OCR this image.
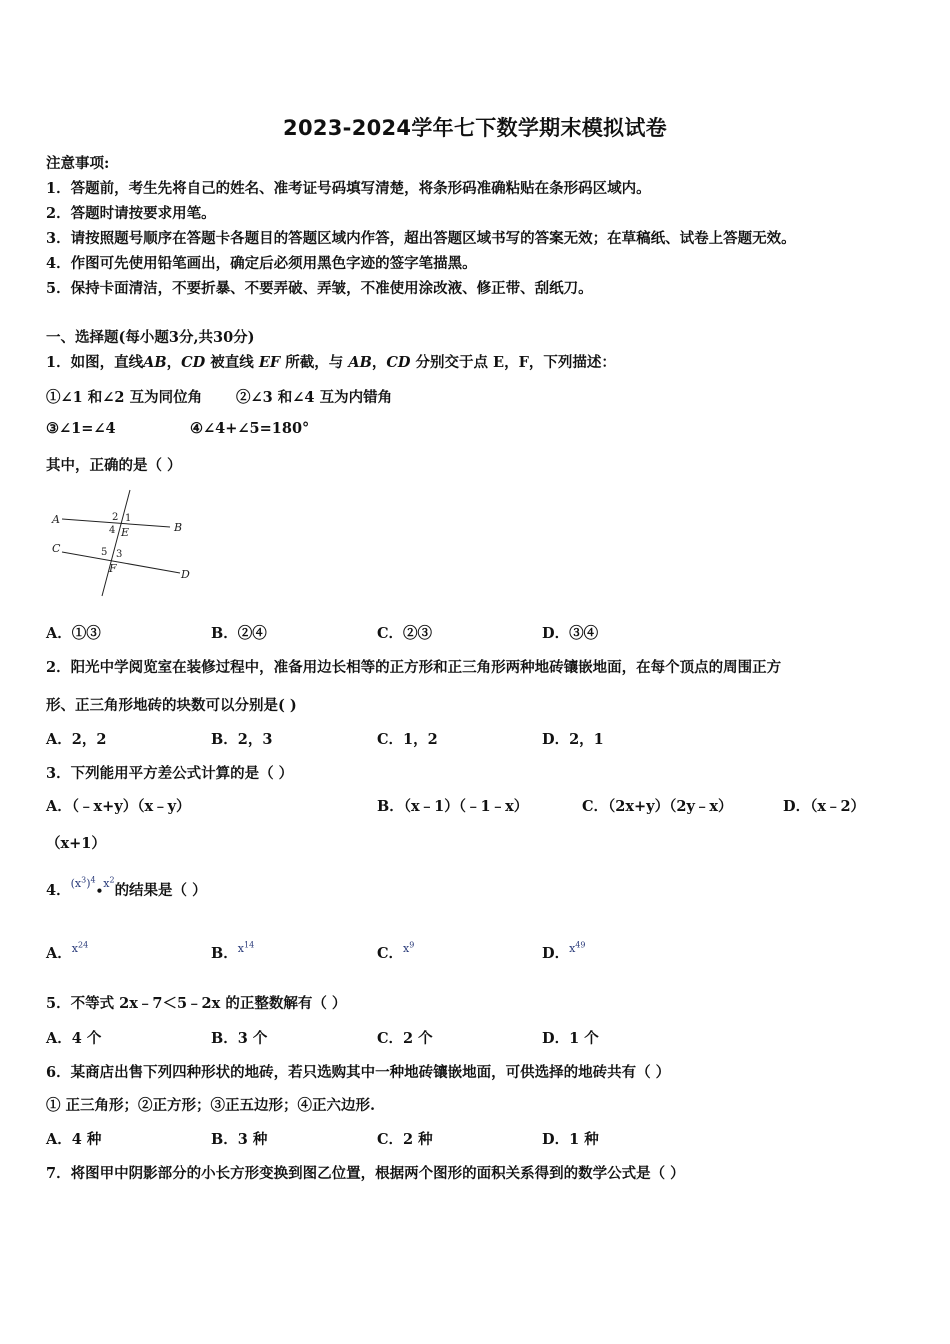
2023-2024学年七下数学期末模拟试卷
注意事项:
1．答题前，考生先将自己的姓名、准考证号码填写清楚，将条形码准确粘贴在条形码区域内。
2．答题时请按要求用笔。
3．请按照题号顺序在答题卡各题目的答题区域内作答，超出答题区域书写的答案无效；在草稿纸、试卷上答题无效。
4．作图可先使用铅笔画出，确定后必须用黑色字迹的签字笔描黑。
5．保持卡面清洁，不要折暴、不要弄破、弄皱，不准使用涂改液、修正带、刮纸刀。
一、选择题(每小题3分,共30分)
1．如图，直线AB，CD 被直线 EF 所截，与 AB，CD 分别交于点 E，F，下列描述：
①∠1 和∠2 互为同位角 ②∠3 和∠4 互为内错角
③∠1=∠4	④∠4+∠5=180°
其中，正确的是（ ）
A
B
C
D
E
F
1
2
3
4
5
A．①③	B．②④	C．②③	D．③④
2．阳光中学阅览室在装修过程中，准备用边长相等的正方形和正三角形两种地砖镶嵌地面，在每个顶点的周围正方
形、正三角形地砖的块数可以分别是( )
A．2，2	B．2，3	C．1，2	D．2，1
3．下列能用平方差公式计算的是（ ）
A．（﹣x+y）（x﹣y）	B．（x﹣1）（﹣1﹣x）	C．（2x+y）（2y﹣x）	D．（x﹣2）
（x+1）
4．$^{(x^3)^4}$•$^{x^2}$的结果是（ ）
A．$^{x^{24}}$
B．$^{x^{14}}$
C．$^{x^9}$
D．$^{x^{49}}$
5．不等式 2x﹣7＜5﹣2x 的正整数解有（ ）
A．4 个	B．3 个	C．2 个	D．1 个
6．某商店出售下列四种形状的地砖，若只选购其中一种地砖镶嵌地面，可供选择的地砖共有（ ）
① 正三角形；②正方形；③正五边形；④正六边形.
A．4 种	B．3 种	C．2 种	D．1 种
7．将图甲中阴影部分的小长方形变换到图乙位置，根据两个图形的面积关系得到的数学公式是（ ）
